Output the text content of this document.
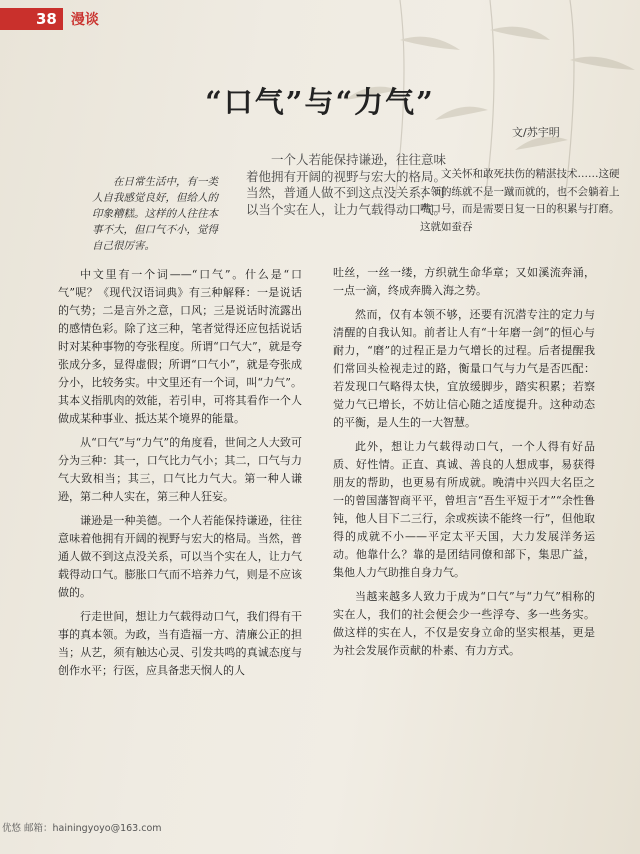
38	漫谈
“口气”与“力气”
文/苏宇明

在日常生活中，有一类人自我感觉良好，但给人的印象糟糕。这样的人往往本事不大，但口气不小，觉得自己很厉害。

一个人若能保持谦逊，往往意味着他拥有开阔的视野与宏大的格局。当然，普通人做不到这点没关系，可以当个实在人，让力气载得动口气。

文关怀和敢死扶伤的精湛技术……这硬本领的练就不是一蹴而就的，也不会躺着上嘴口号，而是需要日复一日的积累与打磨。这就如蚕吞

中文里有一个词——“口气”。什么是“口气”呢？《现代汉语词典》有三种解释：一是说话的气势；二是言外之意，口风；三是说话时流露出的感情色彩。除了这三种，笔者觉得还应包括说话时对某种事物的夸张程度。所谓“口气大”，就是夸张成分多，显得虚假；所谓“口气小”，就是夸张成分小，比较务实。中文里还有一个词，叫“力气”。其本义指肌肉的效能，若引申，可将其看作一个人做成某种事业、抵达某个境界的能量。

从“口气”与“力气”的角度看，世间之人大致可分为三种：其一，口气比力气小；其二，口气与力气大致相当；其三，口气比力气大。第一种人谦逊，第二种人实在，第三种人狂妄。

谦逊是一种美德。一个人若能保持谦逊，往往意味着他拥有开阔的视野与宏大的格局。当然，普通人做不到这点没关系，可以当个实在人，让力气载得动口气。膨胀口气而不培养力气，则是不应该做的。

行走世间，想让力气载得动口气，我们得有干事的真本领。为政，当有造福一方、清廉公正的担当；从艺，须有触达心灵、引发共鸣的真诚态度与创作水平；行医，应具备悲天悯人的人

吐丝，一丝一缕，方织就生命华章；又如溪流奔涌，一点一滴，终成奔腾入海之势。

然而，仅有本领不够，还要有沉潜专注的定力与清醒的自我认知。前者让人有“十年磨一剑”的恒心与耐力，“磨”的过程正是力气增长的过程。后者提醒我们常回头检视走过的路，衡量口气与力气是否匹配：若发现口气略得太快，宜放缓脚步，踏实积累；若察觉力气已增长，不妨让信心随之适度提升。这种动态的平衡，是人生的一大智慧。

此外，想让力气载得动口气，一个人得有好品质、好性情。正直、真诚、善良的人想成事，易获得朋友的帮助，也更易有所成就。晚清中兴四大名臣之一的曾国藩智商平平，曾坦言“吾生平短于才”“余性鲁钝，他人目下二三行，余或疾读不能终一行”，但他取得的成就不小——平定太平天国，大力发展洋务运动。他靠什么？靠的是团结同僚和部下，集思广益，集他人力气助推自身力气。

当越来越多人致力于成为“口气”与“力气”相称的实在人，我们的社会便会少一些浮夸、多一些务实。做这样的实在人，不仅是安身立命的坚实根基，更是为社会发展作贡献的朴素、有力方式。

优悠 邮箱：hainingyoyo@163.com
